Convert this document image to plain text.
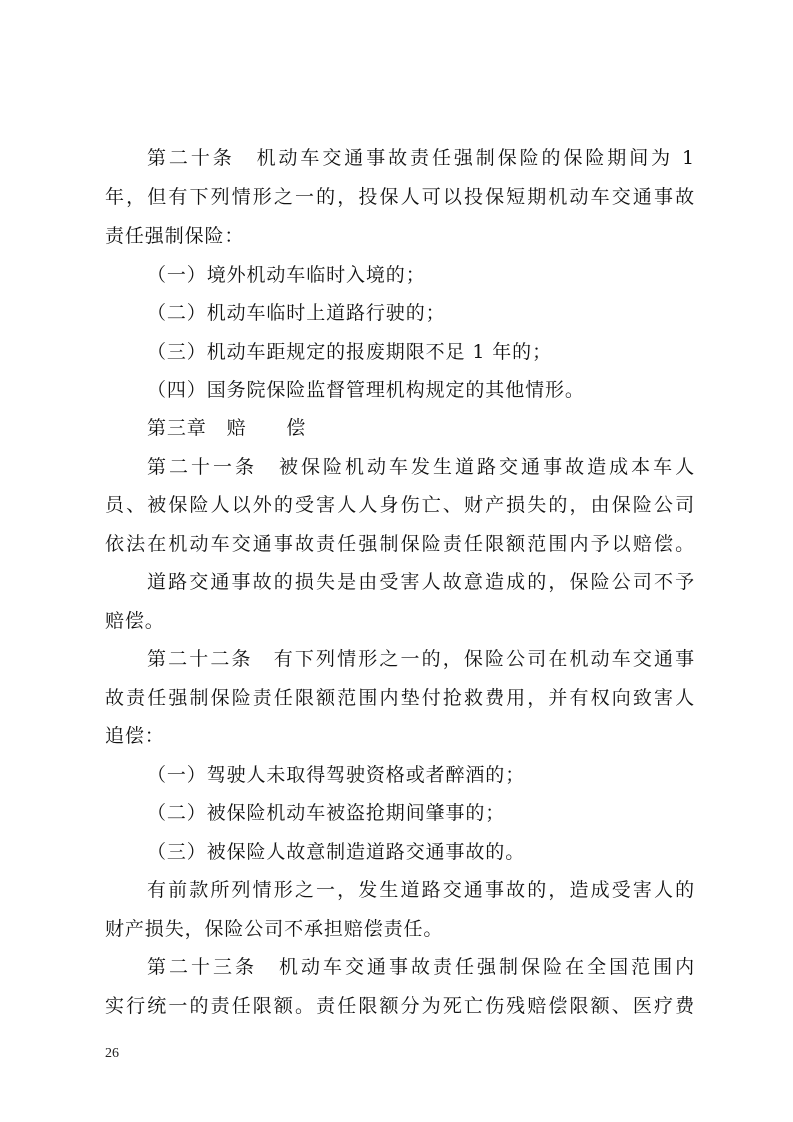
第二十条　机动车交通事故责任强制保险的保险期间为 1
年，但有下列情形之一的，投保人可以投保短期机动车交通事故
责任强制保险：
（一）境外机动车临时入境的；
（二）机动车临时上道路行驶的；
（三）机动车距规定的报废期限不足 1 年的；
（四）国务院保险监督管理机构规定的其他情形。
第三章　赔　　偿
第二十一条　被保险机动车发生道路交通事故造成本车人
员、被保险人以外的受害人人身伤亡、财产损失的，由保险公司
依法在机动车交通事故责任强制保险责任限额范围内予以赔偿。
道路交通事故的损失是由受害人故意造成的，保险公司不予
赔偿。
第二十二条　有下列情形之一的，保险公司在机动车交通事
故责任强制保险责任限额范围内垫付抢救费用，并有权向致害人
追偿：
（一）驾驶人未取得驾驶资格或者醉酒的；
（二）被保险机动车被盗抢期间肇事的；
（三）被保险人故意制造道路交通事故的。
有前款所列情形之一，发生道路交通事故的，造成受害人的
财产损失，保险公司不承担赔偿责任。
第二十三条　机动车交通事故责任强制保险在全国范围内
实行统一的责任限额。责任限额分为死亡伤残赔偿限额、医疗费
26
